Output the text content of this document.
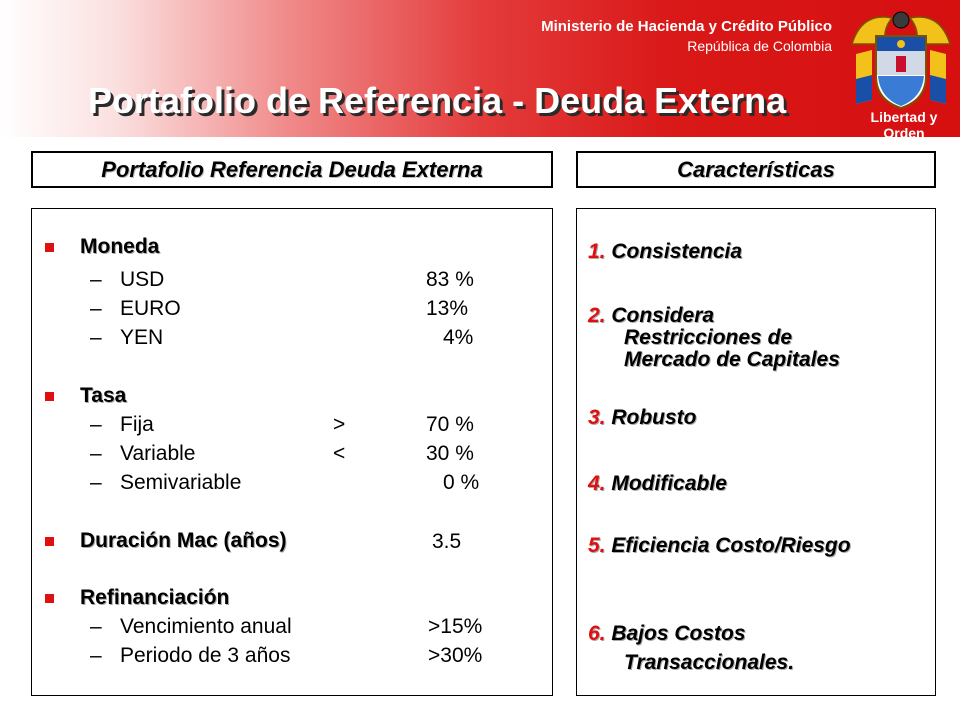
Ministerio de Hacienda y Crédito Público
República de Colombia
Libertad y Orden
Portafolio de Referencia - Deuda Externa
Portafolio Referencia Deuda Externa	Características
Moneda
– USD	83 %
– EURO	13%
– YEN	4%
Tasa
– Fija	>	70 %
– Variable	<	30 %
– Semivariable	0 %
Duración Mac (años)	3.5
Refinanciación
– Vencimiento anual	>15%
– Periodo de 3 años	>30%
1. Consistencia
2. Considera
Restricciones de
Mercado de Capitales
3. Robusto
4. Modificable
5. Eficiencia Costo/Riesgo
6. Bajos Costos
Transaccionales.
